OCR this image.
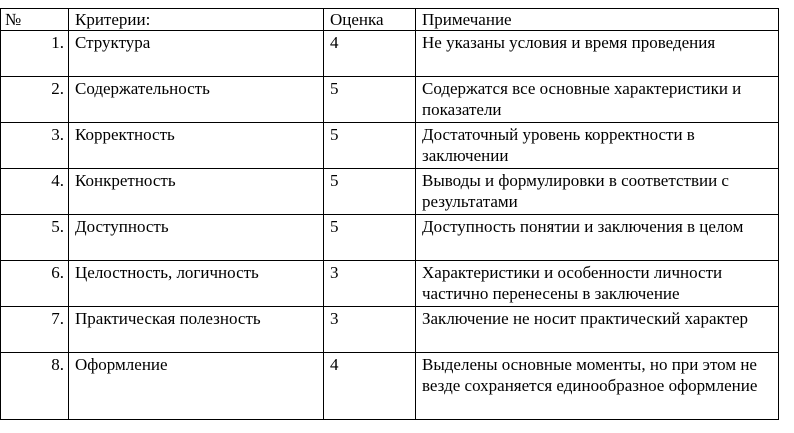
№	Критерии:	Оценка	Примечание
1.	Структура	4	Не указаны условия и время проведения
2.	Содержательность	5	Содержатся все основные характеристики и показатели
3.	Корректность	5	Достаточный уровень корректности в заключении
4.	Конкретность	5	Выводы и формулировки в соответствии с результатами
5.	Доступность	5	Доступность понятии и заключения в целом
6.	Целостность, логичность	3	Характеристики и особенности личности частично перенесены в заключение
7.	Практическая полезность	3	Заключение не носит практический характер
8.	Оформление	4	Выделены основные моменты, но при этом не везде сохраняется единообразное оформление
